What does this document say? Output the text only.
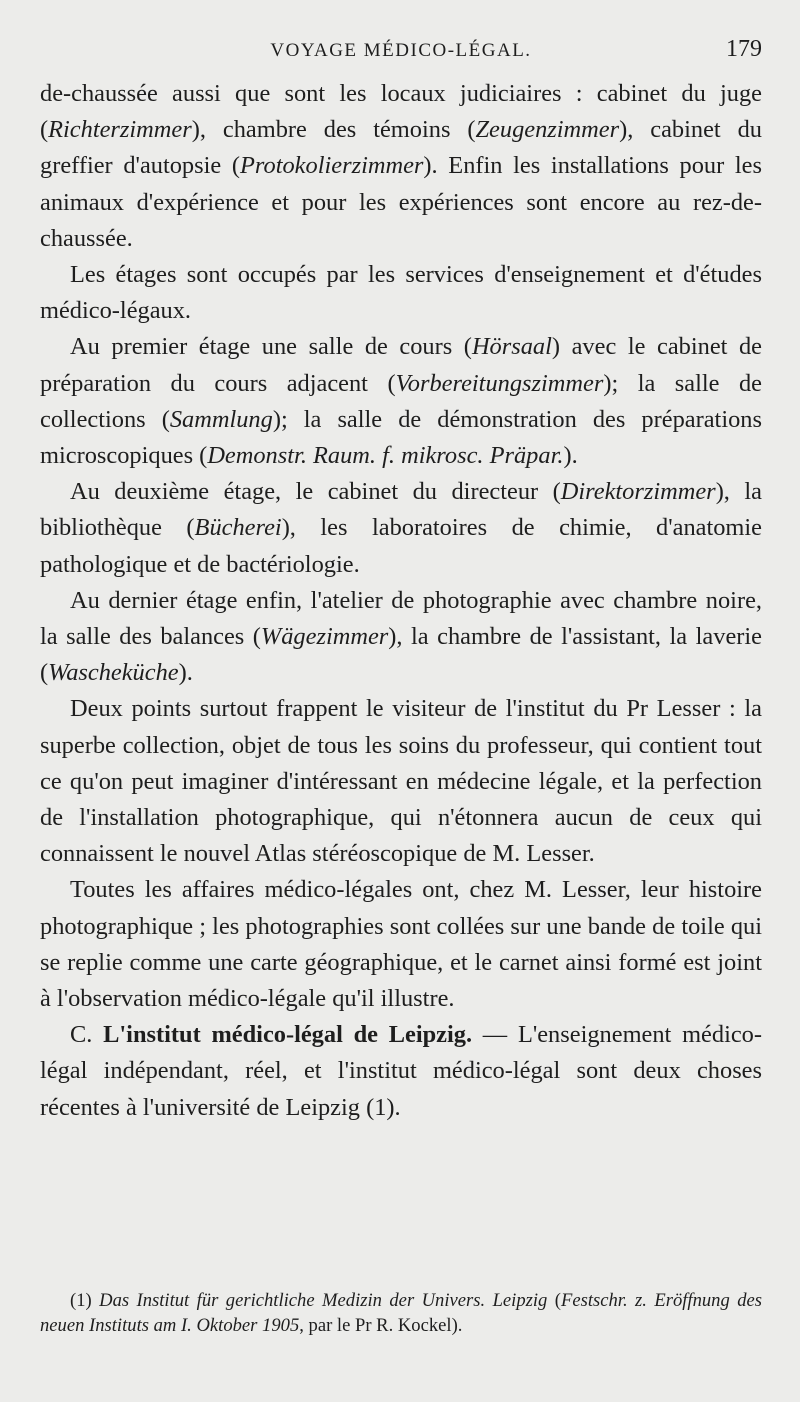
VOYAGE MÉDICO-LÉGAL.	179

de-chaussée aussi que sont les locaux judiciaires : cabinet du juge (Richterzimmer), chambre des témoins (Zeugenzimmer), cabinet du greffier d'autopsie (Protokolierzimmer). Enfin les installations pour les animaux d'expérience et pour les expériences sont encore au rez-de-chaussée.

Les étages sont occupés par les services d'enseignement et d'études médico-légaux.

Au premier étage une salle de cours (Hörsaal) avec le cabinet de préparation du cours adjacent (Vorbereitungszimmer); la salle de collections (Sammlung); la salle de démonstration des préparations microscopiques (Demonstr. Raum. f. mikrosc. Präpar.).

Au deuxième étage, le cabinet du directeur (Direktorzimmer), la bibliothèque (Bücherei), les laboratoires de chimie, d'anatomie pathologique et de bactériologie.

Au dernier étage enfin, l'atelier de photographie avec chambre noire, la salle des balances (Wägezimmer), la chambre de l'assistant, la laverie (Wascheküche).

Deux points surtout frappent le visiteur de l'institut du Pr Lesser : la superbe collection, objet de tous les soins du professeur, qui contient tout ce qu'on peut imaginer d'intéressant en médecine légale, et la perfection de l'installation photographique, qui n'étonnera aucun de ceux qui connaissent le nouvel Atlas stéréoscopique de M. Lesser.

Toutes les affaires médico-légales ont, chez M. Lesser, leur histoire photographique ; les photographies sont collées sur une bande de toile qui se replie comme une carte géographique, et le carnet ainsi formé est joint à l'observation médico-légale qu'il illustre.

C. L'institut médico-légal de Leipzig. — L'enseignement médico-légal indépendant, réel, et l'institut médico-légal sont deux choses récentes à l'université de Leipzig (1).

(1) Das Institut für gerichtliche Medizin der Univers. Leipzig (Festschr. z. Eröffnung des neuen Instituts am I. Oktober 1905, par le Pr R. Kockel).
